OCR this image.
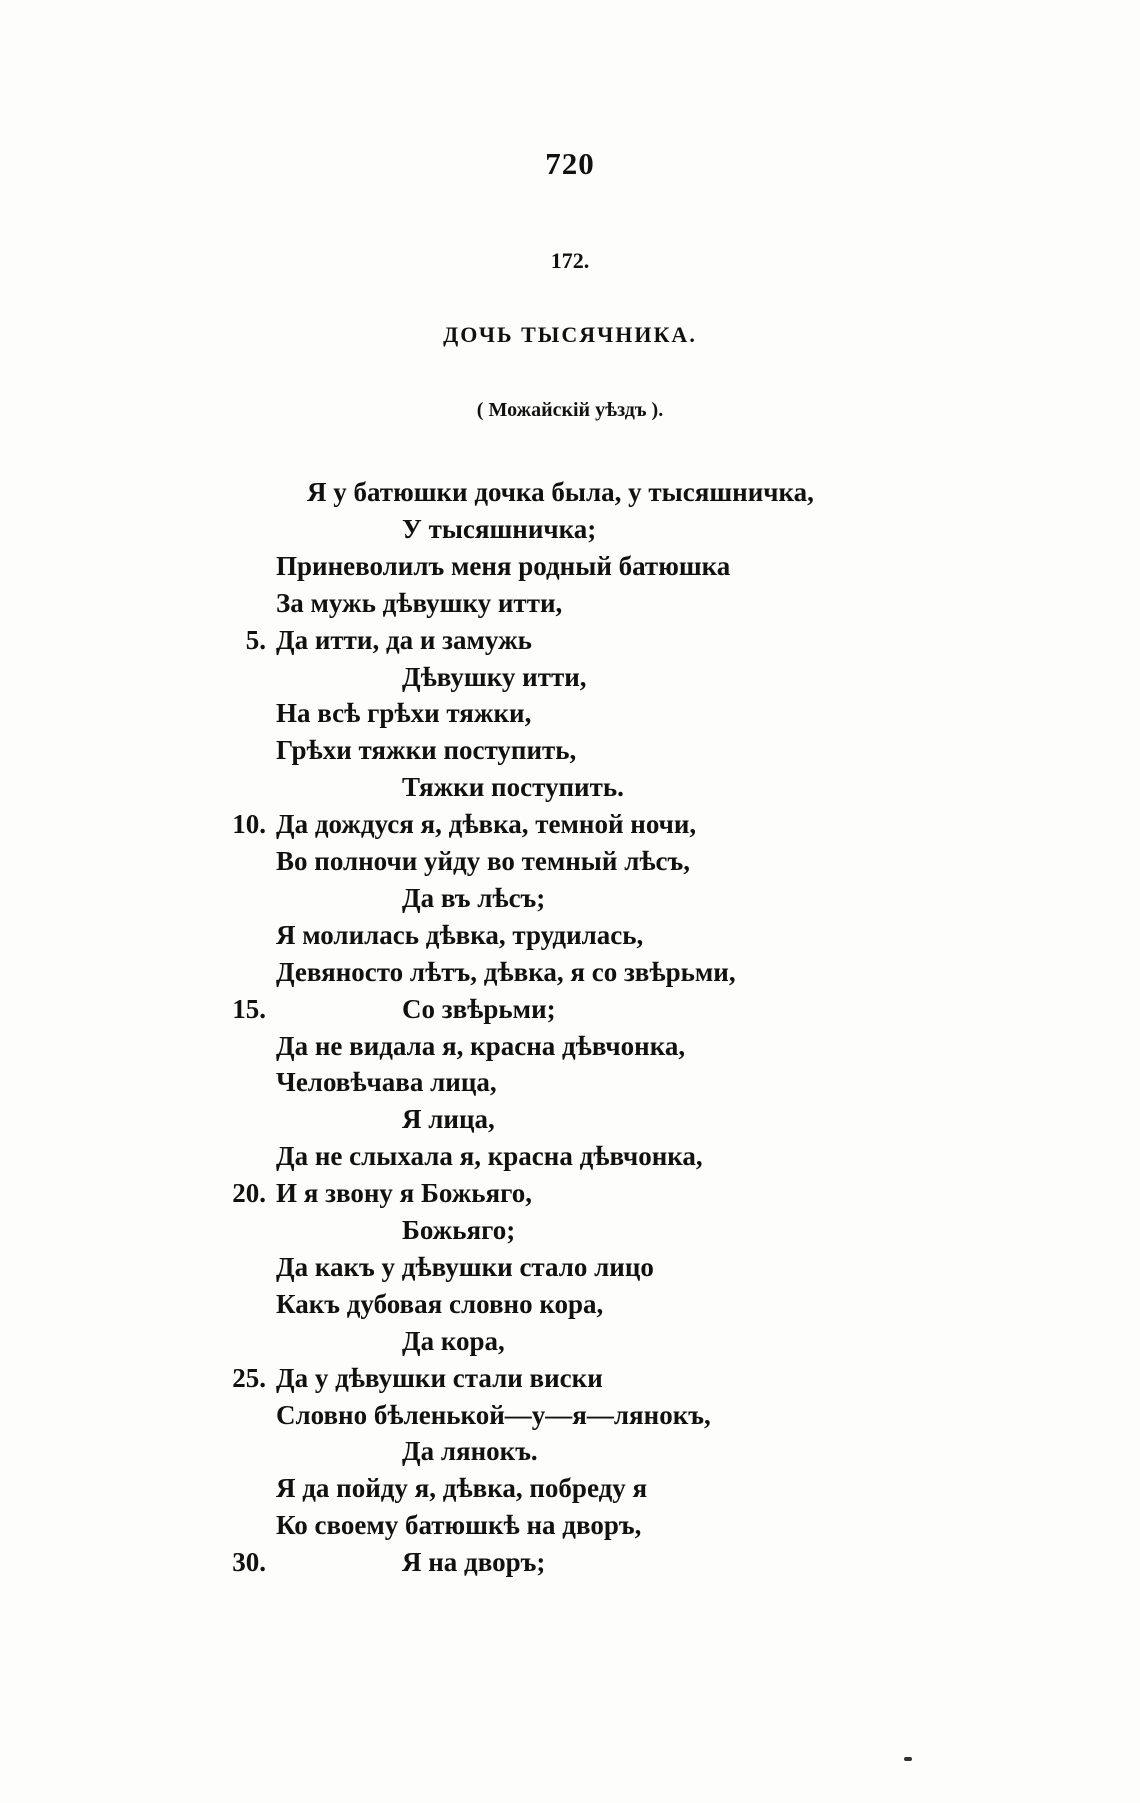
720
172.
ДОЧЬ ТЫСЯЧНИКА.
( Можайскій уѣздъ ).
Я у батюшки дочка была, у тысяшничка,
У тысяшничка;
Приневолилъ меня родный батюшка
За мужь дѣвушку итти,
5. Да итти, да и замужь
Дѣвушку итти,
На всѣ грѣхи тяжки,
Грѣхи тяжки поступить,
Тяжки поступить.
10. Да дождуся я, дѣвка, темной ночи,
Во полночи уйду во темный лѣсъ,
Да въ лѣсъ;
Я молилась дѣвка, трудилась,
Девяносто лѣтъ, дѣвка, я со звѣрьми,
15.	Со звѣрьми;
Да не видала я, красна дѣвчонка,
Человѣчава лица,
Я лица,
Да не слыхала я, красна дѣвчонка,
20. И я звону я Божьяго,
Божьяго;
Да какъ у дѣвушки стало лицо
Какъ дубовая словно кора,
Да кора,
25. Да у дѣвушки стали виски
Словно бѣленькой—у—я—лянокъ,
Да лянокъ.
Я да пойду я, дѣвка, побреду я
Ко своему батюшкѣ на дворъ,
30.	Я на дворъ;
